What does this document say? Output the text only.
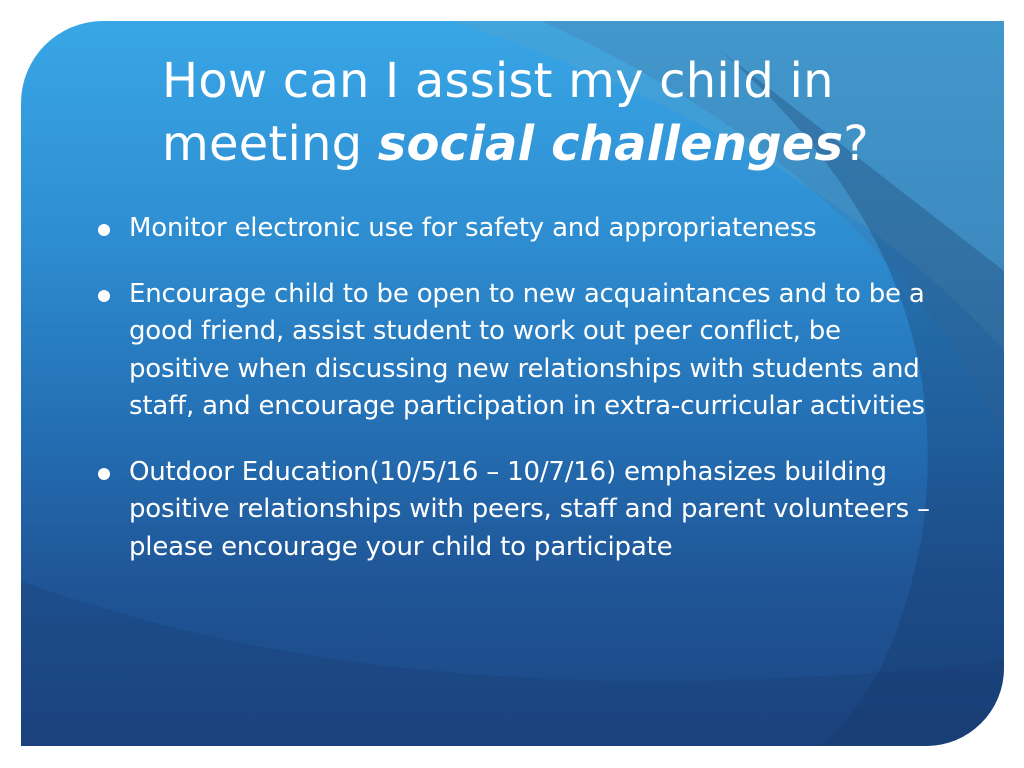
How can I assist my child in meeting social challenges?
Monitor electronic use for safety and appropriateness
Encourage child to be open to new acquaintances and to be a good friend, assist student to work out peer conflict, be positive when discussing new relationships with students and staff, and encourage participation in extra-curricular activities
Outdoor Education(10/5/16 – 10/7/16) emphasizes building positive relationships with peers, staff and parent volunteers – please encourage your child to participate
